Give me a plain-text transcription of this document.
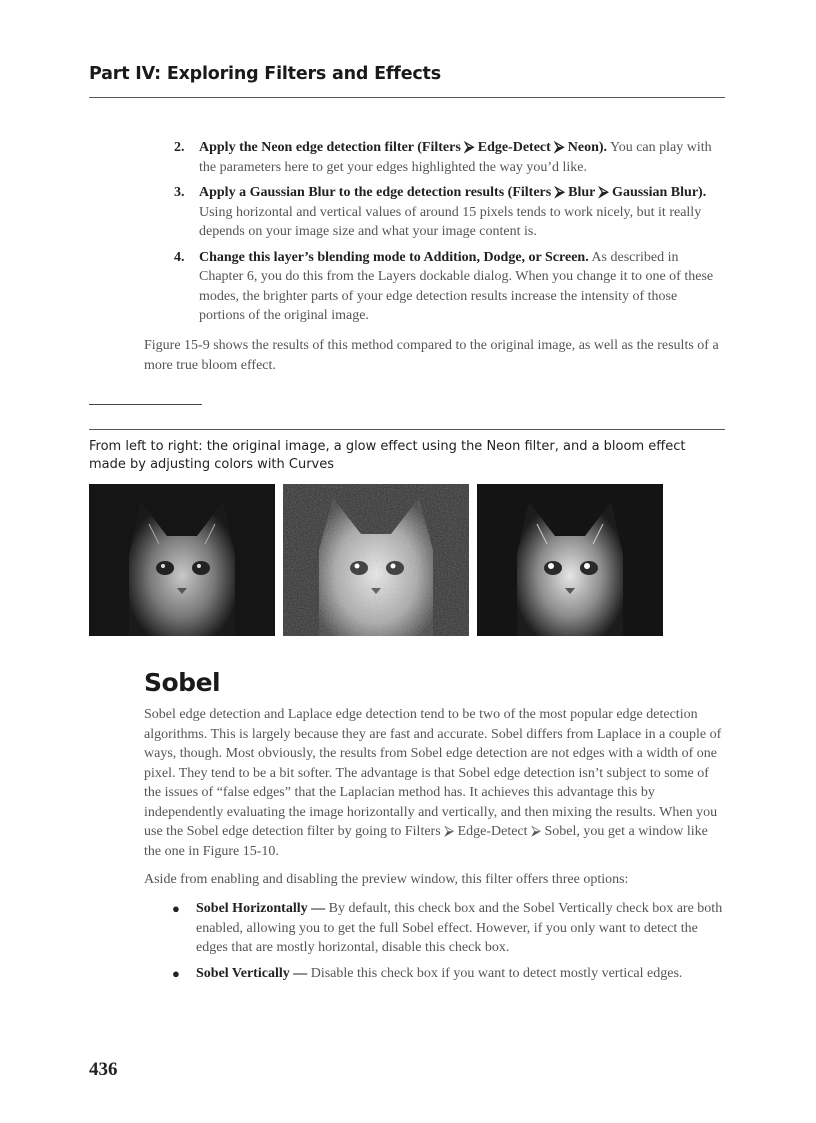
Part IV: Exploring Filters and Effects
2. Apply the Neon edge detection filter (Filters ⮚ Edge-Detect ⮚ Neon). You can play with the parameters here to get your edges highlighted the way you’d like.
3. Apply a Gaussian Blur to the edge detection results (Filters ⮚ Blur ⮚ Gaussian Blur). Using horizontal and vertical values of around 15 pixels tends to work nicely, but it really depends on your image size and what your image content is.
4. Change this layer’s blending mode to Addition, Dodge, or Screen. As described in Chapter 6, you do this from the Layers dockable dialog. When you change it to one of these modes, the brighter parts of your edge detection results increase the intensity of those portions of the original image.

Figure 15-9 shows the results of this method compared to the original image, as well as the results of a more true bloom effect.

From left to right: the original image, a glow effect using the Neon filter, and a bloom effect made by adjusting colors with Curves
Sobel

Sobel edge detection and Laplace edge detection tend to be two of the most popular edge detection algorithms. This is largely because they are fast and accurate. Sobel differs from Laplace in a couple of ways, though. Most obviously, the results from Sobel edge detection are not edges with a width of one pixel. They tend to be a bit softer. The advantage is that Sobel edge detection isn’t subject to some of the issues of “false edges” that the Laplacian method has. It achieves this advantage this by independently evaluating the image horizontally and vertically, and then mixing the results. When you use the Sobel edge detection filter by going to Filters ⮚ Edge-Detect ⮚ Sobel, you get a window like the one in Figure 15-10.

Aside from enabling and disabling the preview window, this filter offers three options:

● Sobel Horizontally — By default, this check box and the Sobel Vertically check box are both enabled, allowing you to get the full Sobel effect. However, if you only want to detect the edges that are mostly horizontal, disable this check box.
● Sobel Vertically — Disable this check box if you want to detect mostly vertical edges.
436
